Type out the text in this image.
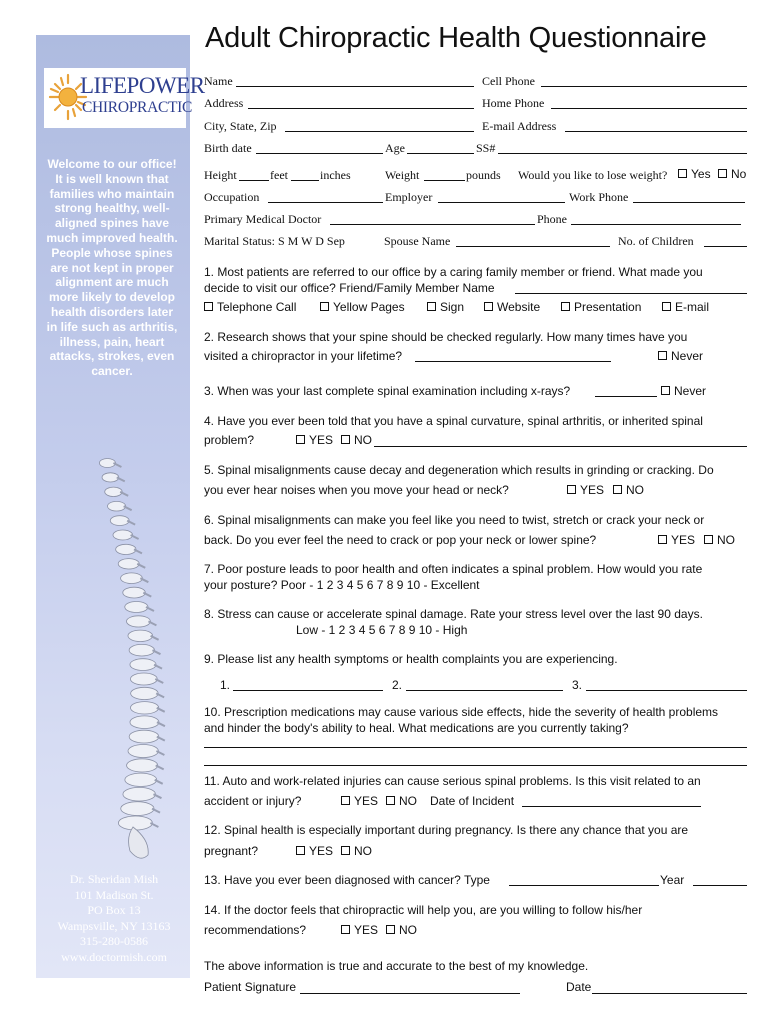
LIFEPOWER
CHIROPRACTIC
Welcome to our office! It is well known that families who maintain strong healthy, well-aligned spines have much improved health. People whose spines are not kept in proper alignment are much more likely to develop health disorders later in life such as arthritis, illness, pain, heart attacks, strokes, even cancer.
Dr. Sheridan Mish
101 Madison St.
PO Box 13
Wampsville, NY 13163
315-280-0586
www.doctormish.com
Adult Chiropractic Health Questionnaire
Name	Cell Phone
Address	Home Phone
City, State, Zip	E-mail Address
Birth date	Age	SS#
Height	feet	inches	Weight	pounds Would you like to lose weight?	Yes	No
Occupation	Employer	Work Phone
Primary Medical Doctor	Phone
Marital Status: S M W D Sep	Spouse Name	No. of Children
1. Most patients are referred to our office by a caring family member or friend. What made you
decide to visit our office? Friend/Family Member Name
Telephone Call	Yellow Pages	Sign	Website	Presentation	E-mail
2. Research shows that your spine should be checked regularly. How many times have you
visited a chiropractor in your lifetime?	Never
3. When was your last complete spinal examination including x-rays?	Never
4. Have you ever been told that you have a spinal curvature, spinal arthritis, or inherited spinal
problem?	YES	NO
5. Spinal misalignments cause decay and degeneration which results in grinding or cracking. Do
you ever hear noises when you move your head or neck?	YES	NO
6. Spinal misalignments can make you feel like you need to twist, stretch or crack your neck or
back. Do you ever feel the need to crack or pop your neck or lower spine?	YES	NO
7. Poor posture leads to poor health and often indicates a spinal problem. How would you rate
your posture? Poor - 1 2 3 4 5 6 7 8 9 10 - Excellent
8. Stress can cause or accelerate spinal damage. Rate your stress level over the last 90 days.
Low - 1 2 3 4 5 6 7 8 9 10 - High
9. Please list any health symptoms or health complaints you are experiencing.
1.	2.	3.
10. Prescription medications may cause various side effects, hide the severity of health problems
and hinder the body's ability to heal. What medications are you currently taking?
11. Auto and work-related injuries can cause serious spinal problems. Is this visit related to an
accident or injury?	YES	NO Date of Incident
12. Spinal health is especially important during pregnancy. Is there any chance that you are
pregnant?	YES	NO
13. Have you ever been diagnosed with cancer? Type	Year
14. If the doctor feels that chiropractic will help you, are you willing to follow his/her
recommendations?	YES	NO
The above information is true and accurate to the best of my knowledge.
Patient Signature	Date
